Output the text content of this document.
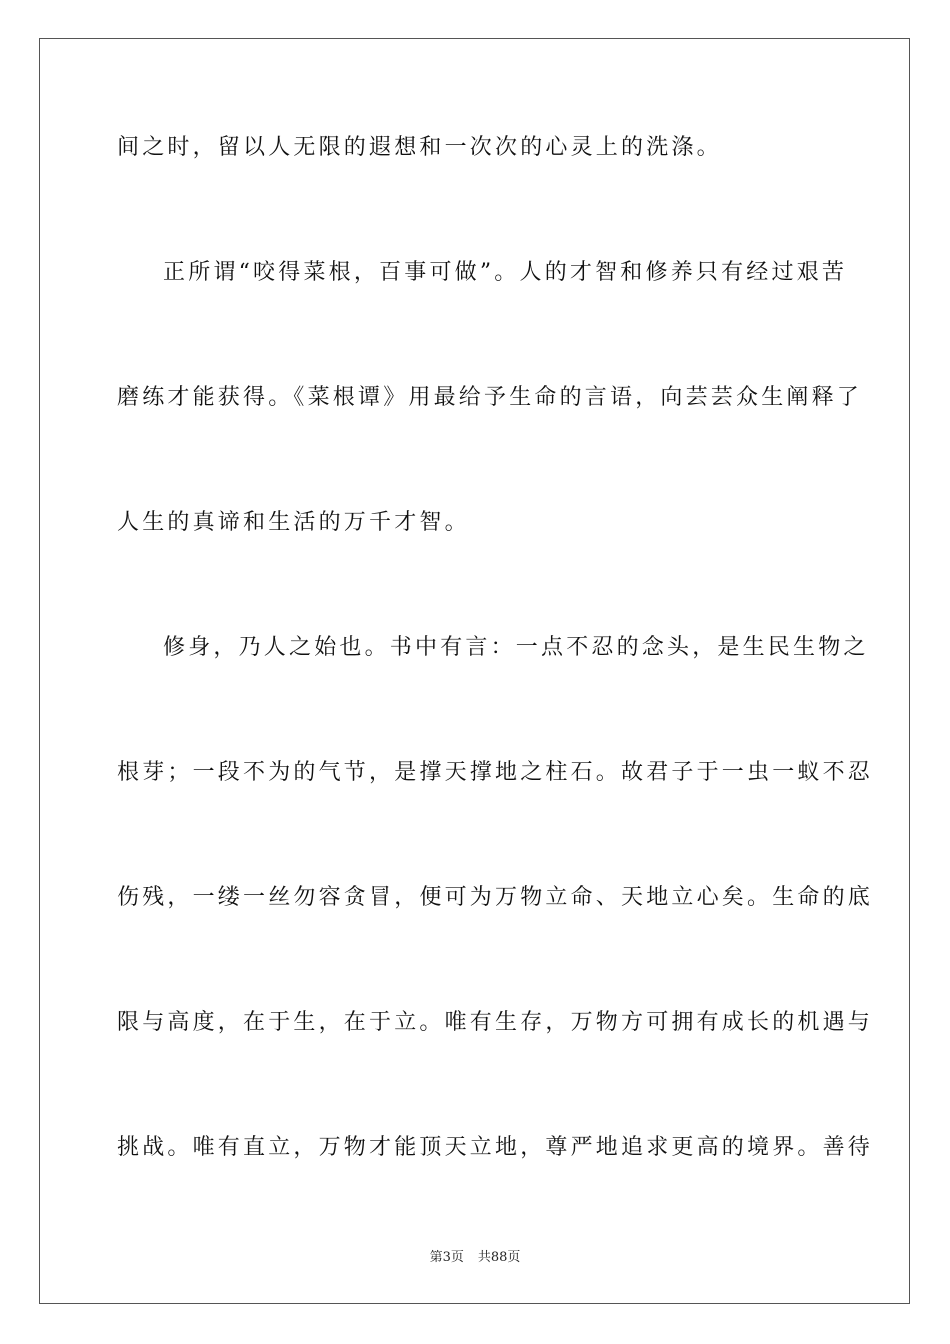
间之时，留以人无限的遐想和一次次的心灵上的洗涤。
正所谓“咬得菜根，百事可做”。人的才智和修养只有经过艰苦
磨练才能获得。《菜根谭》用最给予生命的言语，向芸芸众生阐释了
人生的真谛和生活的万千才智。
修身，乃人之始也。书中有言：一点不忍的念头，是生民生物之
根芽；一段不为的气节，是撑天撑地之柱石。故君子于一虫一蚁不忍
伤残，一缕一丝勿容贪冒，便可为万物立命、天地立心矣。生命的底
限与高度，在于生，在于立。唯有生存，万物方可拥有成长的机遇与
挑战。唯有直立，万物才能顶天立地，尊严地追求更高的境界。善待
第3页 共88页
